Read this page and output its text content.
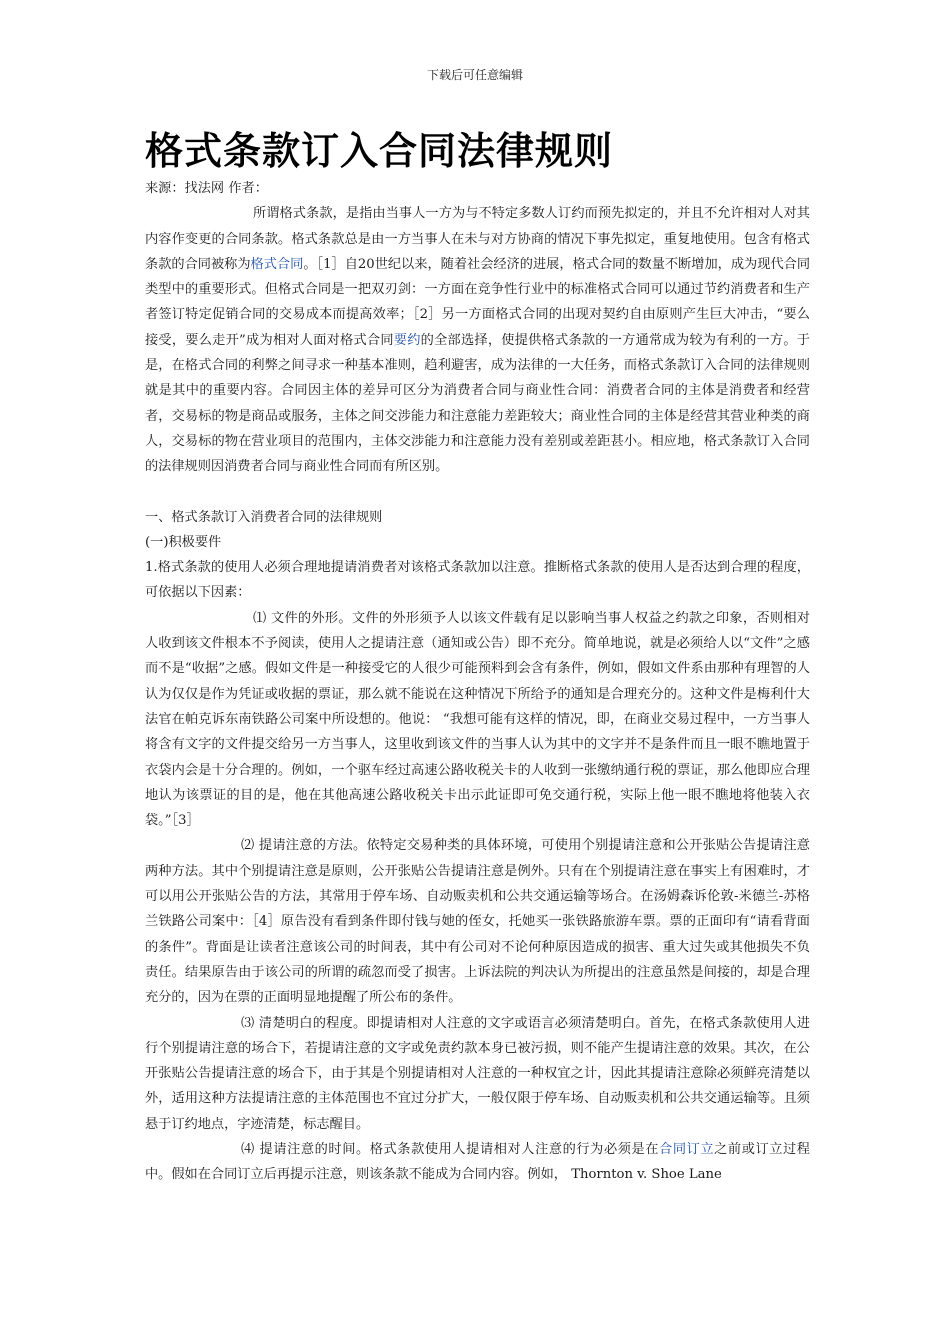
下载后可任意编辑
格式条款订入合同法律规则

来源：找法网 作者：

所谓格式条款，是指由当事人一方为与不特定多数人订约而预先拟定的，并且不允许相对人对其内容作变更的合同条款。格式条款总是由一方当事人在未与对方协商的情况下事先拟定，重复地使用。包含有格式条款的合同被称为格式合同。［1］自20世纪以来，随着社会经济的进展，格式合同的数量不断增加，成为现代合同类型中的重要形式。但格式合同是一把双刃剑：一方面在竞争性行业中的标准格式合同可以通过节约消费者和生产者签订特定促销合同的交易成本而提高效率；［2］另一方面格式合同的出现对契约自由原则产生巨大冲击，“要么接受，要么走开”成为相对人面对格式合同要约的全部选择，使提供格式条款的一方通常成为较为有利的一方。于是，在格式合同的利弊之间寻求一种基本准则，趋利避害，成为法律的一大任务，而格式条款订入合同的法律规则就是其中的重要内容。合同因主体的差异可区分为消费者合同与商业性合同：消费者合同的主体是消费者和经营者，交易标的物是商品或服务，主体之间交涉能力和注意能力差距较大；商业性合同的主体是经营其营业种类的商人，交易标的物在营业项目的范围内，主体交涉能力和注意能力没有差别或差距甚小。相应地，格式条款订入合同的法律规则因消费者合同与商业性合同而有所区别。

一、格式条款订入消费者合同的法律规则

(一)积极要件

1.格式条款的使用人必须合理地提请消费者对该格式条款加以注意。推断格式条款的使用人是否达到合理的程度，可依据以下因素：

⑴ 文件的外形。文件的外形须予人以该文件载有足以影响当事人权益之约款之印象，否则相对人收到该文件根本不予阅读，使用人之提请注意（通知或公告）即不充分。简单地说，就是必须给人以“文件”之感而不是“收据”之感。假如文件是一种接受它的人很少可能预料到会含有条件，例如，假如文件系由那种有理智的人认为仅仅是作为凭证或收据的票证，那么就不能说在这种情况下所给予的通知是合理充分的。这种文件是梅利什大法官在帕克诉东南铁路公司案中所设想的。他说： “我想可能有这样的情况，即，在商业交易过程中，一方当事人将含有文字的文件提交给另一方当事人，这里收到该文件的当事人认为其中的文字并不是条件而且一眼不瞧地置于衣袋内会是十分合理的。例如，一个驱车经过高速公路收税关卡的人收到一张缴纳通行税的票证，那么他即应合理地认为该票证的目的是，他在其他高速公路收税关卡出示此证即可免交通行税，实际上他一眼不瞧地将他装入衣袋。”［3］

⑵ 提请注意的方法。依特定交易种类的具体环境，可使用个别提请注意和公开张贴公告提请注意两种方法。其中个别提请注意是原则，公开张贴公告提请注意是例外。只有在个别提请注意在事实上有困难时，才可以用公开张贴公告的方法，其常用于停车场、自动贩卖机和公共交通运输等场合。在汤姆森诉伦敦-米德兰-苏格兰铁路公司案中：［4］原告没有看到条件即付钱与她的侄女，托她买一张铁路旅游车票。票的正面印有“请看背面的条件”。背面是让读者注意该公司的时间表，其中有公司对不论何种原因造成的损害、重大过失或其他损失不负责任。结果原告由于该公司的所谓的疏忽而受了损害。上诉法院的判决认为所提出的注意虽然是间接的，却是合理充分的，因为在票的正面明显地提醒了所公布的条件。

⑶ 清楚明白的程度。即提请相对人注意的文字或语言必须清楚明白。首先，在格式条款使用人进行个别提请注意的场合下，若提请注意的文字或免责约款本身已被污损，则不能产生提请注意的效果。其次，在公开张贴公告提请注意的场合下，由于其是个别提请相对人注意的一种权宜之计，因此其提请注意除必须鲜亮清楚以外，适用这种方法提请注意的主体范围也不宜过分扩大，一般仅限于停车场、自动贩卖机和公共交通运输等。且须悬于订约地点，字迹清楚，标志醒目。

⑷ 提请注意的时间。格式条款使用人提请相对人注意的行为必须是在合同订立之前或订立过程中。假如在合同订立后再提示注意，则该条款不能成为合同内容。例如， Thornton v. Shoe Lane
